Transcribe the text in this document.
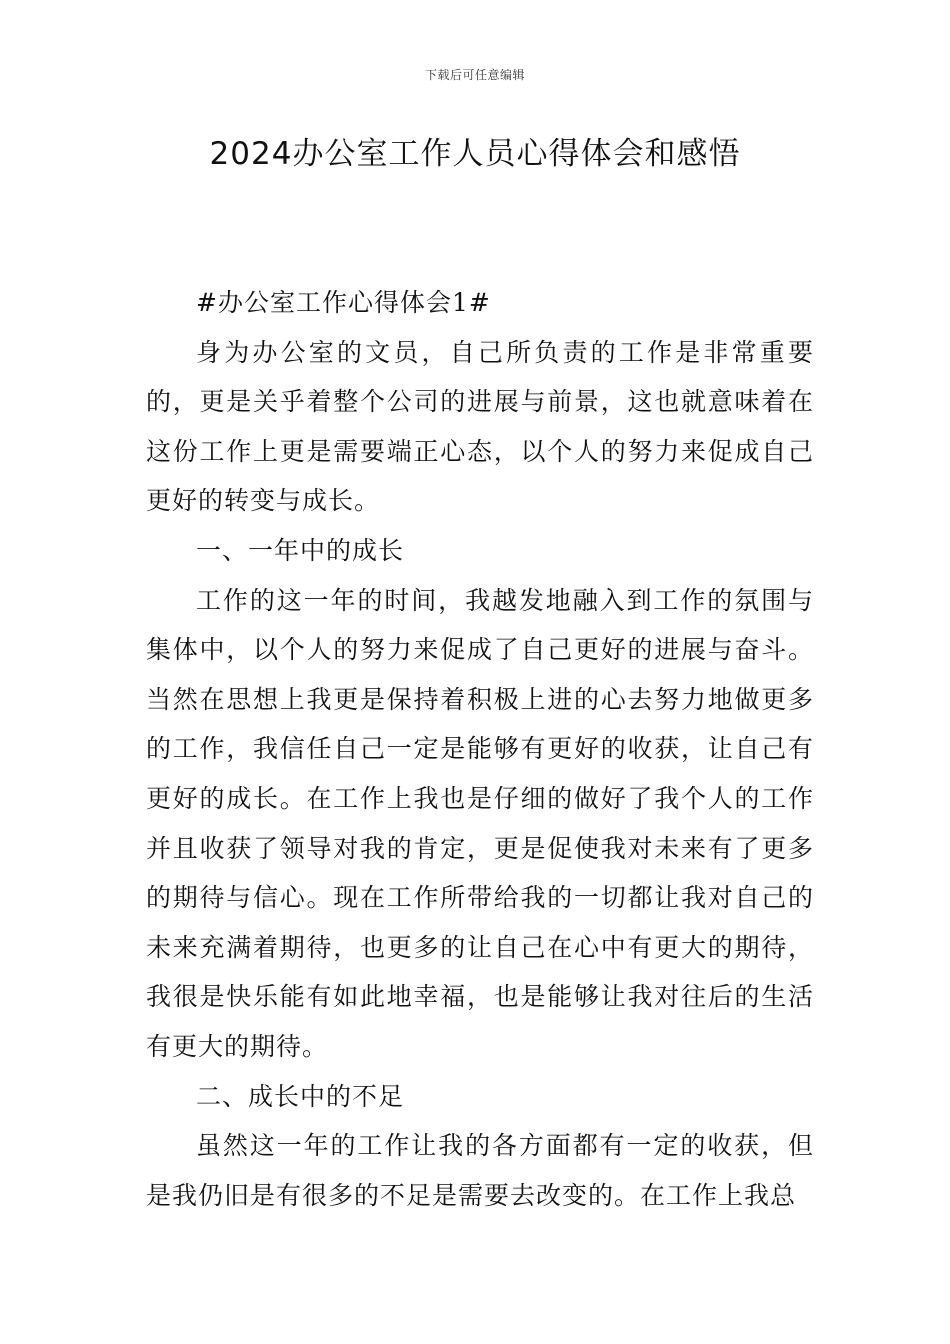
下载后可任意编辑
2024办公室工作人员心得体会和感悟

#办公室工作心得体会1#

身为办公室的文员，自己所负责的工作是非常重要的，更是关乎着整个公司的进展与前景，这也就意味着在这份工作上更是需要端正心态，以个人的努力来促成自己更好的转变与成长。

一、一年中的成长

工作的这一年的时间，我越发地融入到工作的氛围与集体中，以个人的努力来促成了自己更好的进展与奋斗。当然在思想上我更是保持着积极上进的心去努力地做更多的工作，我信任自己一定是能够有更好的收获，让自己有更好的成长。在工作上我也是仔细的做好了我个人的工作并且收获了领导对我的肯定，更是促使我对未来有了更多的期待与信心。现在工作所带给我的一切都让我对自己的未来充满着期待，也更多的让自己在心中有更大的期待，我很是快乐能有如此地幸福，也是能够让我对往后的生活有更大的期待。

二、成长中的不足

虽然这一年的工作让我的各方面都有一定的收获，但是我仍旧是有很多的不足是需要去改变的。在工作上我总
